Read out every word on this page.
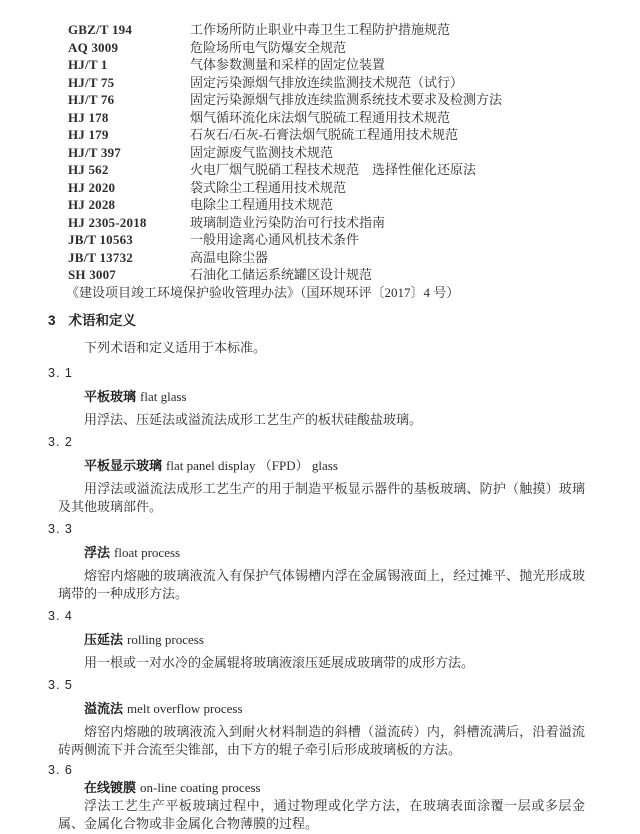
GBZ/T 194	工作场所防止职业中毒卫生工程防护措施规范
AQ 3009	危险场所电气防爆安全规范
HJ/T 1	气体参数测量和采样的固定位装置
HJ/T 75	固定污染源烟气排放连续监测技术规范（试行）
HJ/T 76	固定污染源烟气排放连续监测系统技术要求及检测方法
HJ 178	烟气循环流化床法烟气脱硫工程通用技术规范
HJ 179	石灰石/石灰-石膏法烟气脱硫工程通用技术规范
HJ/T 397	固定源废气监测技术规范
HJ 562	火电厂烟气脱硝工程技术规范　选择性催化还原法
HJ 2020	袋式除尘工程通用技术规范
HJ 2028	电除尘工程通用技术规范
HJ 2305-2018	玻璃制造业污染防治可行技术指南
JB/T 10563	一般用途离心通风机技术条件
JB/T 13732	高温电除尘器
SH 3007	石油化工储运系统罐区设计规范

《建设项目竣工环境保护验收管理办法》（国环规环评〔2017〕4 号）

3 术语和定义

下列术语和定义适用于本标准。

3. 1
平板玻璃 flat glass

用浮法、压延法或溢流法成形工艺生产的板状硅酸盐玻璃。

3. 2
平板显示玻璃 flat panel display （FPD） glass

用浮法或溢流法成形工艺生产的用于制造平板显示器件的基板玻璃、防护（触摸）玻璃及其他玻璃部件。

3. 3
浮法 float process

熔窑内熔融的玻璃液流入有保护气体锡槽内浮在金属锡液面上，经过摊平、抛光形成玻璃带的一种成形方法。

3. 4
压延法 rolling process

用一根或一对水冷的金属辊将玻璃液滚压延展成玻璃带的成形方法。

3. 5
溢流法 melt overflow process

熔窑内熔融的玻璃液流入到耐火材料制造的斜槽（溢流砖）内，斜槽流满后，沿着溢流砖两侧流下并合流至尖锥部，由下方的辊子牵引后形成玻璃板的方法。

3. 6
在线镀膜 on-line coating process

浮法工艺生产平板玻璃过程中，通过物理或化学方法，在玻璃表面涂覆一层或多层金属、金属化合物或非金属化合物薄膜的过程。
